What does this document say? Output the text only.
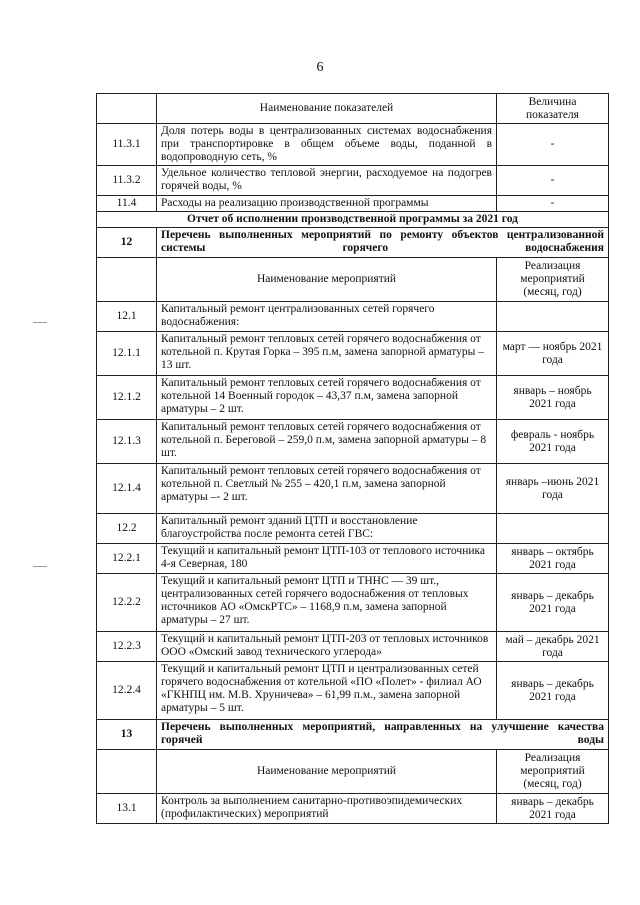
6
	Наименование показателей	Величина показателя
11.3.1	Доля потерь воды в централизованных системах водоснабжения при транспортировке в общем объеме воды, поданной в водопроводную сеть, %	-
11.3.2	Удельное количество тепловой энергии, расходуемое на подогрев горячей воды, %	-
11.4	Расходы на реализацию производственной программы	-
Отчет об исполнении производственной программы за 2021 год		
12	Перечень выполненных мероприятий по ремонту объектов централизованной системы горячего водоснабжения	
	Наименование мероприятий	Реализация мероприятий (месяц, год)
12.1	Капитальный ремонт централизованных сетей горячего водоснабжения:	
12.1.1	Капитальный ремонт тепловых сетей горячего водоснабжения от котельной п. Крутая Горка – 395 п.м, замена запорной арматуры – 13 шт.	март — ноябрь 2021 года
12.1.2	Капитальный ремонт тепловых сетей горячего водоснабжения от котельной 14 Военный городок – 43,37 п.м, замена запорной арматуры – 2 шт.	январь – ноябрь 2021 года
12.1.3	Капитальный ремонт тепловых сетей горячего водоснабжения от котельной п. Береговой – 259,0 п.м, замена запорной арматуры – 8 шт.	февраль - ноябрь 2021 года
12.1.4	Капитальный ремонт тепловых сетей горячего водоснабжения от котельной п. Светлый № 255 – 420,1 п.м, замена запорной арматуры –- 2 шт.	январь –июнь 2021 года
12.2	Капитальный ремонт зданий ЦТП и восстановление благоустройства после ремонта сетей ГВС:	
12.2.1	Текущий и капитальный ремонт ЦТП-103 от теплового источника 4-я Северная, 180	январь – октябрь 2021 года
12.2.2	Текущий и капитальный ремонт ЦТП и ТННС — 39 шт., централизованных сетей горячего водоснабжения от тепловых источников АО «ОмскРТС» – 1168,9 п.м, замена запорной арматуры – 27 шт.	январь – декабрь 2021 года
12.2.3	Текущий и капитальный ремонт ЦТП-203 от тепловых источников ООО «Омский завод технического углерода»	май – декабрь 2021 года
12.2.4	Текущий и капитальный ремонт ЦТП и централизованных сетей горячего водоснабжения от котельной «ПО «Полет» - филиал АО «ГКНПЦ им. М.В. Хруничева» – 61,99 п.м., замена запорной арматуры – 5 шт.	январь – декабрь 2021 года
13	Перечень выполненных мероприятий, направленных на улучшение качества горячей воды	
	Наименование мероприятий	Реализация мероприятий (месяц, год)
13.1	Контроль за выполнением санитарно-противоэпидемических (профилактических) мероприятий	январь – декабрь 2021 года
